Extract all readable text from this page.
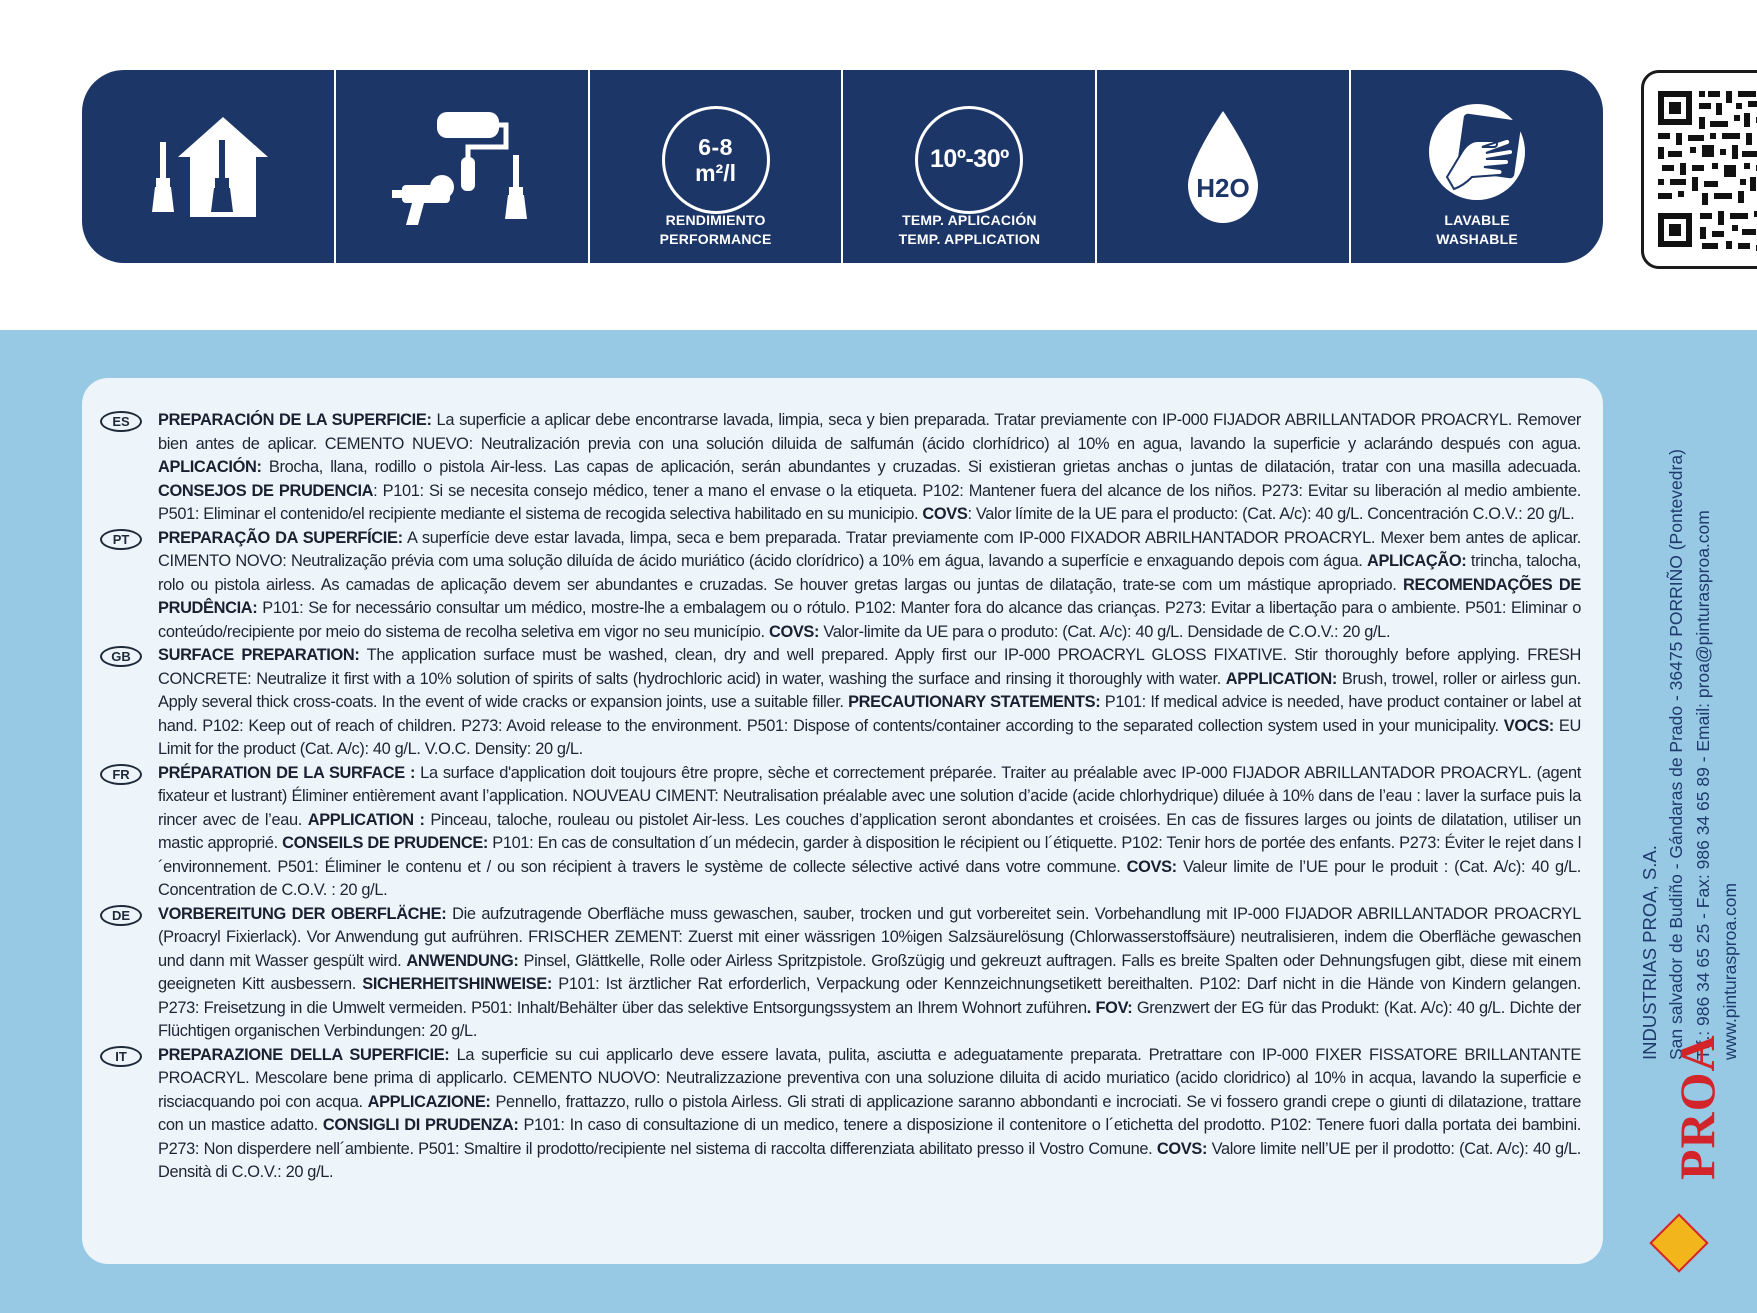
6-8
m²/l
RENDIMIENTO
PERFORMANCE
10º-30º
TEMP. APLICACIÓN
TEMP. APPLICATION
H2O
LAVABLE
WASHABLE
ES	PREPARACIÓN DE LA SUPERFICIE: La superficie a aplicar debe encontrarse lavada, limpia, seca y bien preparada. Tratar previamente con IP-000 FIJADOR ABRILLANTADOR PROACRYL. Remover bien antes de aplicar. CEMENTO NUEVO: Neutralización previa con una solución diluida de salfumán (ácido clorhídrico) al 10% en agua, lavando la superficie y aclarándo después con agua. APLICACIÓN: Brocha, llana, rodillo o pistola Air-less. Las capas de aplicación, serán abundantes y cruzadas. Si existieran grietas anchas o juntas de dilatación, tratar con una masilla adecuada. CONSEJOS DE PRUDENCIA: P101: Si se necesita consejo médico, tener a mano el envase o la etiqueta. P102: Mantener fuera del alcance de los niños. P273: Evitar su liberación al medio ambiente. P501: Eliminar el contenido/el recipiente mediante el sistema de recogida selectiva habilitado en su municipio. COVS: Valor límite de la UE para el producto: (Cat. A/c): 40 g/L. Concentración C.O.V.: 20 g/L.

PT	PREPARAÇÃO DA SUPERFÍCIE: A superfície deve estar lavada, limpa, seca e bem preparada. Tratar previamente com IP-000 FIXADOR ABRILHANTADOR PROACRYL. Mexer bem antes de aplicar. CIMENTO NOVO: Neutralização prévia com uma solução diluída de ácido muriático (ácido clorídrico) a 10% em água, lavando a superfície e enxaguando depois com água. APLICAÇÃO: trincha, talocha, rolo ou pistola airless. As camadas de aplicação devem ser abundantes e cruzadas. Se houver gretas largas ou juntas de dilatação, trate-se com um mástique apropriado. RECOMENDAÇÕES DE PRUDÊNCIA: P101: Se for necessário consultar um médico, mostre-lhe a embalagem ou o rótulo. P102: Manter fora do alcance das crianças. P273: Evitar a libertação para o ambiente. P501: Eliminar o conteúdo/recipiente por meio do sistema de recolha seletiva em vigor no seu município. COVS: Valor-limite da UE para o produto: (Cat. A/c): 40 g/L. Densidade de C.O.V.: 20 g/L.

GB	SURFACE PREPARATION: The application surface must be washed, clean, dry and well prepared. Apply first our IP-000 PROACRYL GLOSS FIXATIVE. Stir thoroughly before applying. FRESH CONCRETE: Neutralize it first with a 10% solution of spirits of salts (hydrochloric acid) in water, washing the surface and rinsing it thoroughly with water. APPLICATION: Brush, trowel, roller or airless gun. Apply several thick cross-coats. In the event of wide cracks or expansion joints, use a suitable filler. PRECAUTIONARY STATEMENTS: P101: If medical advice is needed, have product container or label at hand. P102: Keep out of reach of children. P273: Avoid release to the environment. P501: Dispose of contents/container according to the separated collection system used in your municipality. VOCS: EU Limit for the product (Cat. A/c): 40 g/L. V.O.C. Density: 20 g/L.

FR	PRÉPARATION DE LA SURFACE : La surface d'application doit toujours être propre, sèche et correctement préparée. Traiter au préalable avec IP-000 FIJADOR ABRILLANTADOR PROACRYL. (agent fixateur et lustrant) Éliminer entièrement avant l’application. NOUVEAU CIMENT: Neutralisation préalable avec une solution d’acide (acide chlorhydrique) diluée à 10% dans de l’eau : laver la surface puis la rincer avec de l’eau. APPLICATION : Pinceau, taloche, rouleau ou pistolet Air-less. Les couches d’application seront abondantes et croisées. En cas de fissures larges ou joints de dilatation, utiliser un mastic approprié. CONSEILS DE PRUDENCE: P101: En cas de consultation d´un médecin, garder à disposition le récipient ou l´étiquette. P102: Tenir hors de portée des enfants. P273: Éviter le rejet dans l´environnement. P501: Éliminer le contenu et / ou son récipient à travers le système de collecte sélective activé dans votre commune. COVS: Valeur limite de l’UE pour le produit : (Cat. A/c): 40 g/L. Concentration de C.O.V. : 20 g/L.

DE	VORBEREITUNG DER OBERFLÄCHE: Die aufzutragende Oberfläche muss gewaschen, sauber, trocken und gut vorbereitet sein. Vorbehandlung mit IP-000 FIJADOR ABRILLANTADOR PROACRYL (Proacryl Fixierlack). Vor Anwendung gut aufrühren. FRISCHER ZEMENT: Zuerst mit einer wässrigen 10%igen Salzsäurelösung (Chlorwasserstoffsäure) neutralisieren, indem die Oberfläche gewaschen und dann mit Wasser gespült wird. ANWENDUNG: Pinsel, Glättkelle, Rolle oder Airless Spritzpistole. Großzügig und gekreuzt auftragen. Falls es breite Spalten oder Dehnungsfugen gibt, diese mit einem geeigneten Kitt ausbessern. SICHERHEITSHINWEISE: P101: Ist ärztlicher Rat erforderlich, Verpackung oder Kennzeichnungsetikett bereithalten. P102: Darf nicht in die Hände von Kindern gelangen. P273: Freisetzung in die Umwelt vermeiden. P501: Inhalt/Behälter über das selektive Entsorgungssystem an Ihrem Wohnort zuführen. FOV: Grenzwert der EG für das Produkt: (Kat. A/c): 40 g/L. Dichte der Flüchtigen organischen Verbindungen: 20 g/L.

IT	PREPARAZIONE DELLA SUPERFICIE: La superficie su cui applicarlo deve essere lavata, pulita, asciutta e adeguatamente preparata. Pretrattare con IP-000 FIXER FISSATORE BRILLANTANTE PROACRYL. Mescolare bene prima di applicarlo. CEMENTO NUOVO: Neutralizzazione preventiva con una soluzione diluita di acido muriatico (acido cloridrico) al 10% in acqua, lavando la superficie e risciacquando poi con acqua. APPLICAZIONE: Pennello, frattazzo, rullo o pistola Airless. Gli strati di applicazione saranno abbondanti e incrociati. Se vi fossero grandi crepe o giunti di dilatazione, trattare con un mastice adatto. CONSIGLI DI PRUDENZA: P101: In caso di consultazione di un medico, tenere a disposizione il contenitore o l´etichetta del prodotto. P102: Tenere fuori dalla portata dei bambini. P273: Non disperdere nell´ambiente. P501: Smaltire il prodotto/recipiente nel sistema di raccolta differenziata abilitato presso il Vostro Comune. COVS: Valore limite nell’UE per il prodotto: (Cat. A/c): 40 g/L. Densità di C.O.V.: 20 g/L.

INDUSTRIAS PROA, S.A. San salvador de Budiño - Gándaras de Prado - 36475 PORRIÑO (Pontevedra) Tlf.: 986 34 65 25 - Fax: 986 34 65 89 - Email: proa@pinturasproa.com www.pinturasproa.com
PROA
